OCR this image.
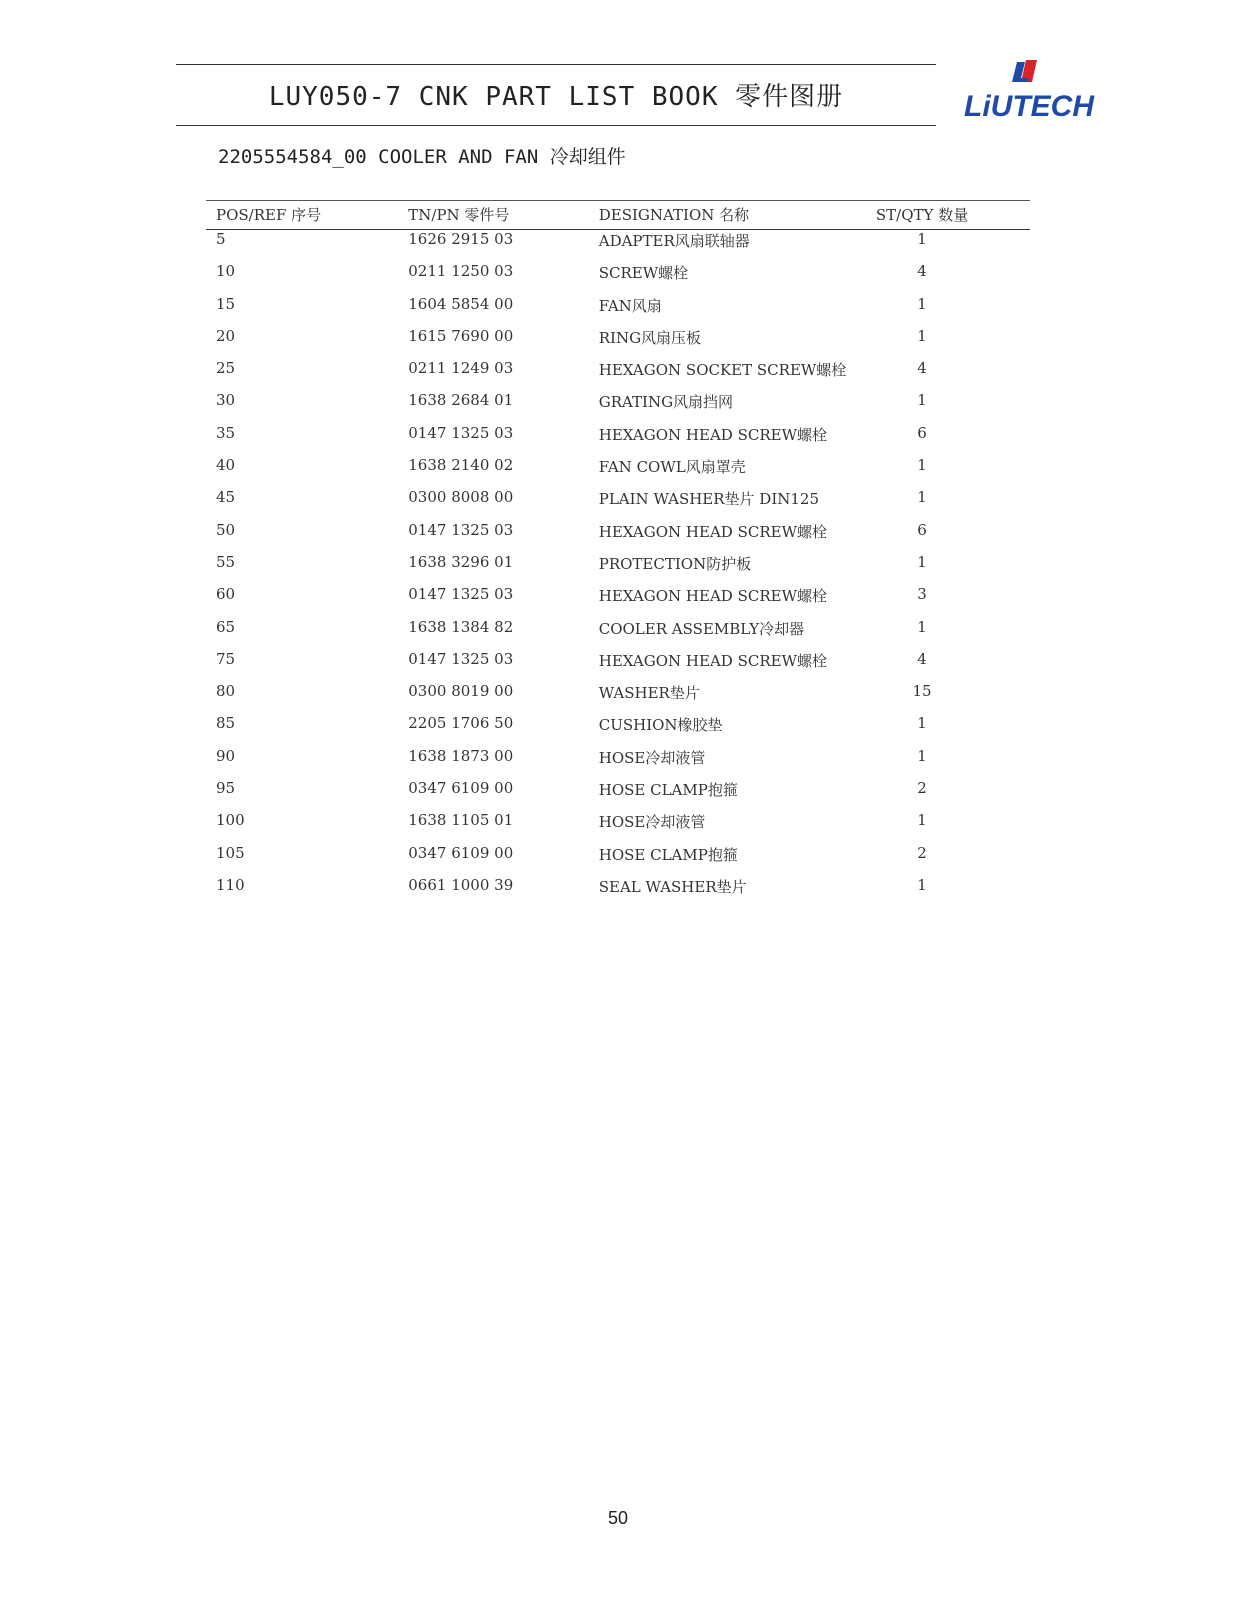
LUY050-7 CNK PART LIST BOOK 零件图册	LiUTECH
2205554584_00 COOLER AND FAN 冷却组件
POS/REF 序号	TN/PN 零件号	DESIGNATION 名称	ST/QTY 数量
5	1626 2915 03	ADAPTER风扇联轴器	1
10	0211 1250 03	SCREW螺栓	4
15	1604 5854 00	FAN风扇	1
20	1615 7690 00	RING风扇压板	1
25	0211 1249 03	HEXAGON SOCKET SCREW螺栓	4
30	1638 2684 01	GRATING风扇挡网	1
35	0147 1325 03	HEXAGON HEAD SCREW螺栓	6
40	1638 2140 02	FAN COWL风扇罩壳	1
45	0300 8008 00	PLAIN WASHER垫片 DIN125	1
50	0147 1325 03	HEXAGON HEAD SCREW螺栓	6
55	1638 3296 01	PROTECTION防护板	1
60	0147 1325 03	HEXAGON HEAD SCREW螺栓	3
65	1638 1384 82	COOLER ASSEMBLY冷却器	1
75	0147 1325 03	HEXAGON HEAD SCREW螺栓	4
80	0300 8019 00	WASHER垫片	15
85	2205 1706 50	CUSHION橡胶垫	1
90	1638 1873 00	HOSE冷却液管	1
95	0347 6109 00	HOSE CLAMP抱箍	2
100	1638 1105 01	HOSE冷却液管	1
105	0347 6109 00	HOSE CLAMP抱箍	2
110	0661 1000 39	SEAL WASHER垫片	1
50
